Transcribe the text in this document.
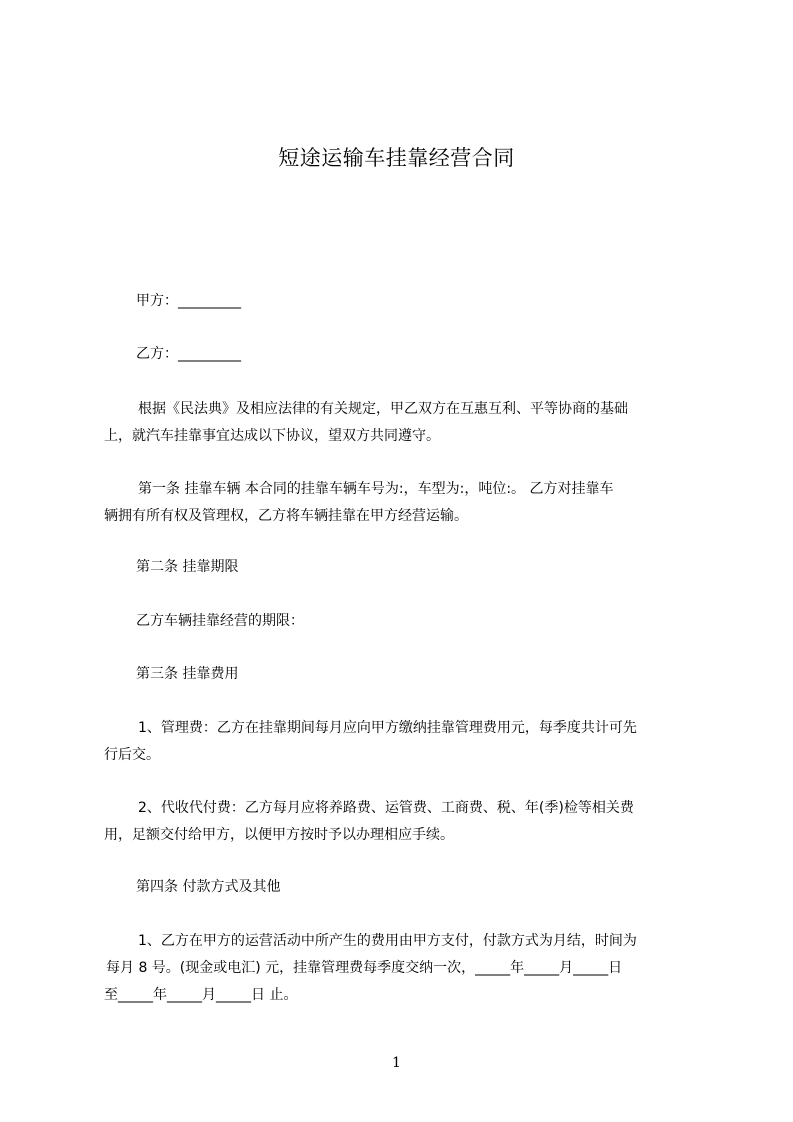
短途运输车挂靠经营合同
甲方：_________
乙方：_________
根据《民法典》及相应法律的有关规定，甲乙双方在互惠互利、平等协商的基础
上，就汽车挂靠事宜达成以下协议，望双方共同遵守。
第一条 挂靠车辆 本合同的挂靠车辆车号为:，车型为:，吨位:。 乙方对挂靠车
辆拥有所有权及管理权，乙方将车辆挂靠在甲方经营运输。
第二条 挂靠期限
乙方车辆挂靠经营的期限：
第三条 挂靠费用
1、管理费：乙方在挂靠期间每月应向甲方缴纳挂靠管理费用元，每季度共计可先
行后交。
2、代收代付费：乙方每月应将养路费、运管费、工商费、税、年(季)检等相关费
用，足额交付给甲方，以便甲方按时予以办理相应手续。
第四条 付款方式及其他
1、乙方在甲方的运营活动中所产生的费用由甲方支付，付款方式为月结，时间为
每月 8 号。(现金或电汇) 元，挂靠管理费每季度交纳一次，_____年_____月_____日
至_____年_____月_____日 止。
1
